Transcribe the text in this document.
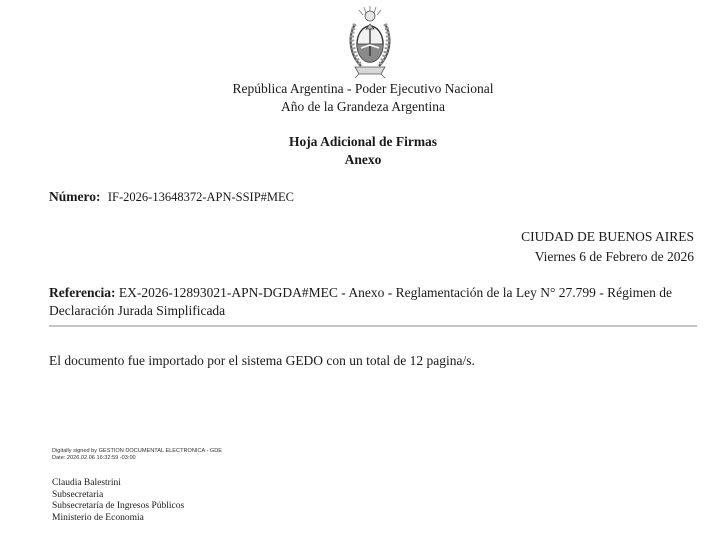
República Argentina - Poder Ejecutivo Nacional
Año de la Grandeza Argentina
Hoja Adicional de Firmas
Anexo
Número: IF-2026-13648372-APN-SSIP#MEC
CIUDAD DE BUENOS AIRES
Viernes 6 de Febrero de 2026
Referencia: EX-2026-12893021-APN-DGDA#MEC - Anexo - Reglamentación de la Ley N° 27.799 - Régimen de Declaración Jurada Simplificada
El documento fue importado por el sistema GEDO con un total de 12 pagina/s.
Digitally signed by GESTION DOCUMENTAL ELECTRONICA - GDE
Date: 2026.02.06 16:32:59 -03:00
Claudia Balestrini
Subsecretaria
Subsecretaría de Ingresos Públicos
Ministerio de Economía
